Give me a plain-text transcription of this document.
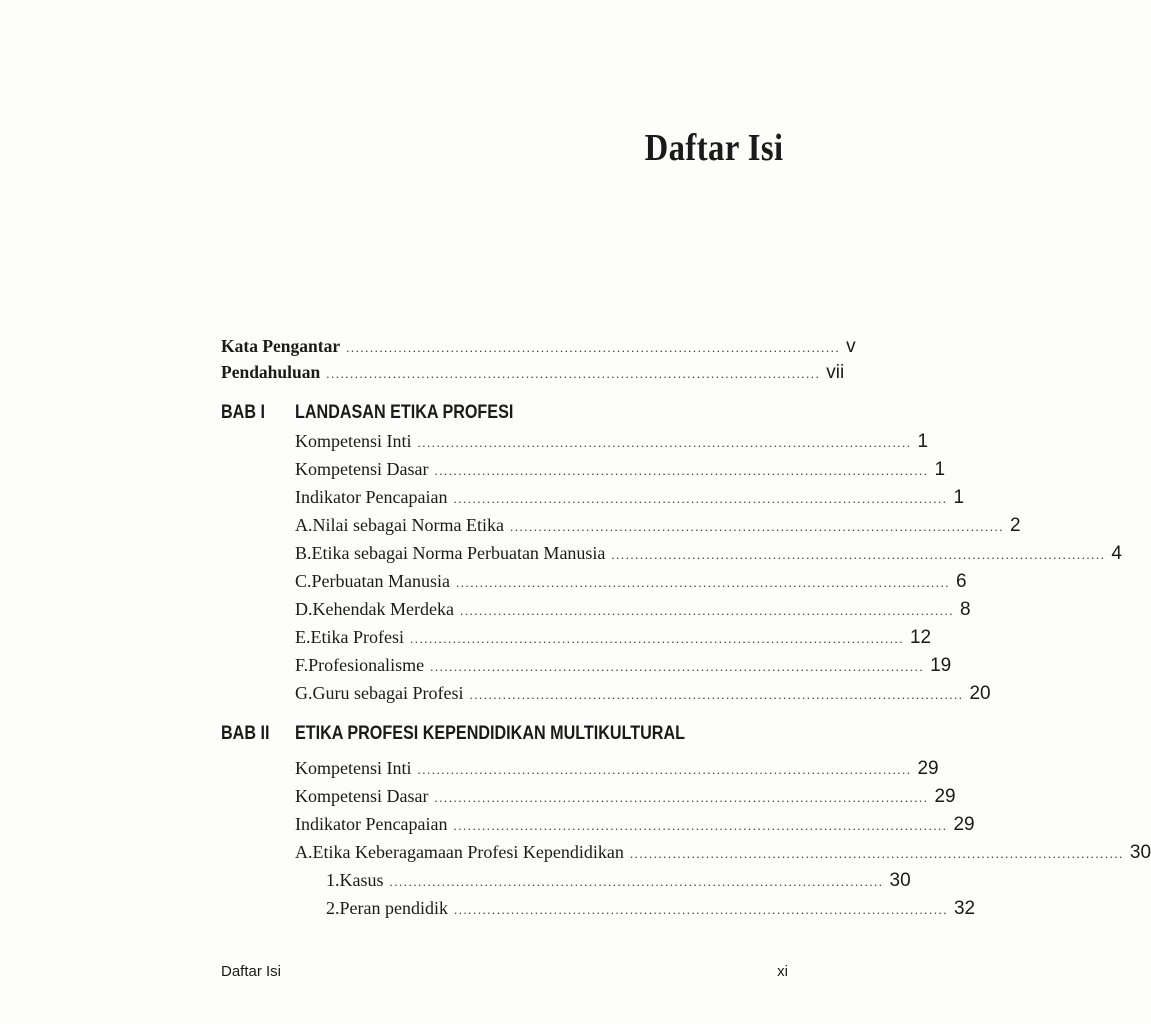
Daftar Isi
Kata Pengantar ........................................................................................................ v
Pendahuluan ........................................................................................................ vii
BAB I	LANDASAN ETIKA PROFESI
Kompetensi Inti ........................................................................................................ 1
Kompetensi Dasar ........................................................................................................ 1
Indikator Pencapaian ........................................................................................................ 1
A. Nilai sebagai Norma Etika ........................................................................................................ 2
B. Etika sebagai Norma Perbuatan Manusia ........................................................................................................ 4
C. Perbuatan Manusia ........................................................................................................ 6
D. Kehendak Merdeka ........................................................................................................ 8
E. Etika Profesi ........................................................................................................ 12
F. Profesionalisme ........................................................................................................ 19
G. Guru sebagai Profesi ........................................................................................................ 20
BAB II	ETIKA PROFESI KEPENDIDIKAN MULTIKULTURAL
Kompetensi Inti ........................................................................................................ 29
Kompetensi Dasar ........................................................................................................ 29
Indikator Pencapaian ........................................................................................................ 29
A. Etika Keberagamaan Profesi Kependidikan ........................................................................................................ 30
1. Kasus ........................................................................................................ 30
2. Peran pendidik ........................................................................................................ 32
Daftar Isi	xi
